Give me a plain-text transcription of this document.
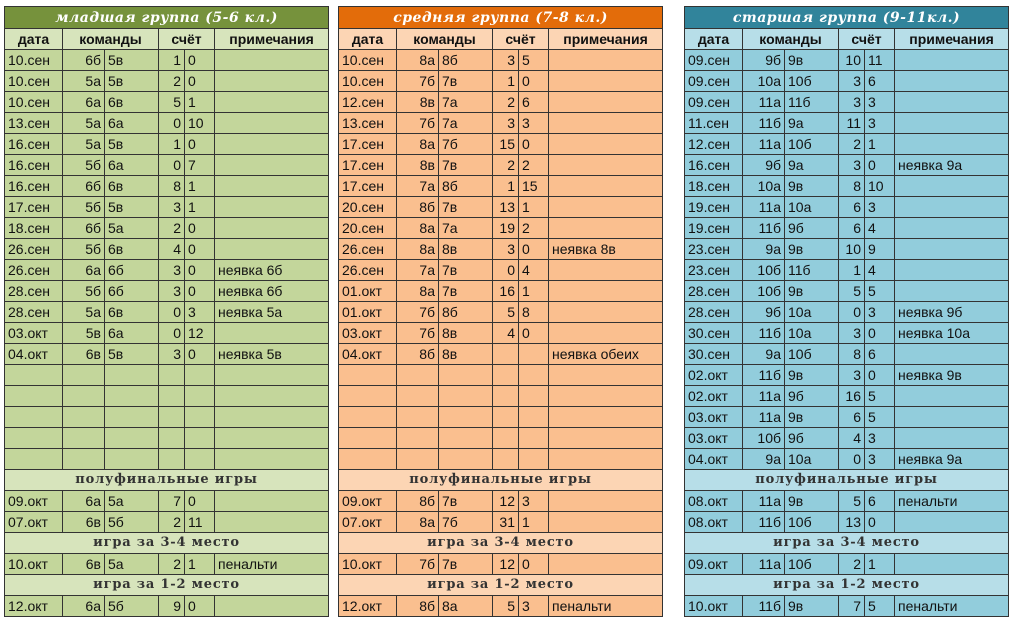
младшая группа (5-6 кл.)					
дата	команды		счёт		примечания
10.сен	6б	5в	1	0	
10.сен	5а	5в	2	0	
10.сен	6а	6в	5	1	
13.сен	5а	6а	0	10	
16.сен	5а	5в	1	0	
16.сен	5б	6а	0	7	
16.сен	6б	6в	8	1	
17.сен	5б	5в	3	1	
18.сен	6б	5а	2	0	
26.сен	5б	6в	4	0	
26.сен	6а	6б	3	0	неявка 6б
28.сен	5б	6б	3	0	неявка 6б
28.сен	5а	6в	0	3	неявка 5а
03.окт	5в	6а	0	12	
04.окт	6в	5в	3	0	неявка 5в

полуфинальные игры					
09.окт	6а	5а	7	0	
07.окт	6в	5б	2	11	
игра за 3-4 место					
10.окт	6в	5а	2	1	пенальти
игра за 1-2 место					
12.окт	6а	5б	9	0	
средняя группа (7-8 кл.)					
дата	команды		счёт		примечания
10.сен	8а	8б	3	5	
10.сен	7б	7в	1	0	
12.сен	8в	7а	2	6	
13.сен	7б	7а	3	3	
17.сен	8а	7б	15	0	
17.сен	8в	7в	2	2	
17.сен	7а	8б	1	15	
20.сен	8б	7в	13	1	
20.сен	8а	7а	19	2	
26.сен	8а	8в	3	0	неявка 8в
26.сен	7а	7в	0	4	
01.окт	8а	7в	16	1	
01.окт	7б	8б	5	8	
03.окт	7б	8в	4	0	
04.окт	8б	8в			неявка обеих

полуфинальные игры					
09.окт	8б	7в	12	3	
07.окт	8а	7б	31	1	
игра за 3-4 место					
10.окт	7б	7в	12	0	
игра за 1-2 место					
12.окт	8б	8а	5	3	пенальти
старшая группа (9-11кл.)					
дата	команды		счёт		примечания
09.сен	9б	9в	10	11	
09.сен	10а	10б	3	6	
09.сен	11а	11б	3	3	
11.сен	11б	9а	11	3	
12.сен	11а	10б	2	1	
16.сен	9б	9а	3	0	неявка 9а
18.сен	10а	9в	8	10	
19.сен	11а	10а	6	3	
19.сен	11б	9б	6	4	
23.сен	9а	9в	10	9	
23.сен	10б	11б	1	4	
28.сен	10б	9в	5	5	
28.сен	9б	10а	0	3	неявка 9б
30.сен	11б	10а	3	0	неявка 10а
30.сен	9а	10б	8	6	
02.окт	11б	9в	3	0	неявка 9в
02.окт	11а	9б	16	5	
03.окт	11а	9в	6	5	
03.окт	10б	9б	4	3	
04.окт	9а	10а	0	3	неявка 9а
полуфинальные игры					
08.окт	11а	9в	5	6	пенальти
08.окт	11б	10б	13	0	
игра за 3-4 место					
09.окт	11а	10б	2	1	
игра за 1-2 место					
10.окт	11б	9в	7	5	пенальти
